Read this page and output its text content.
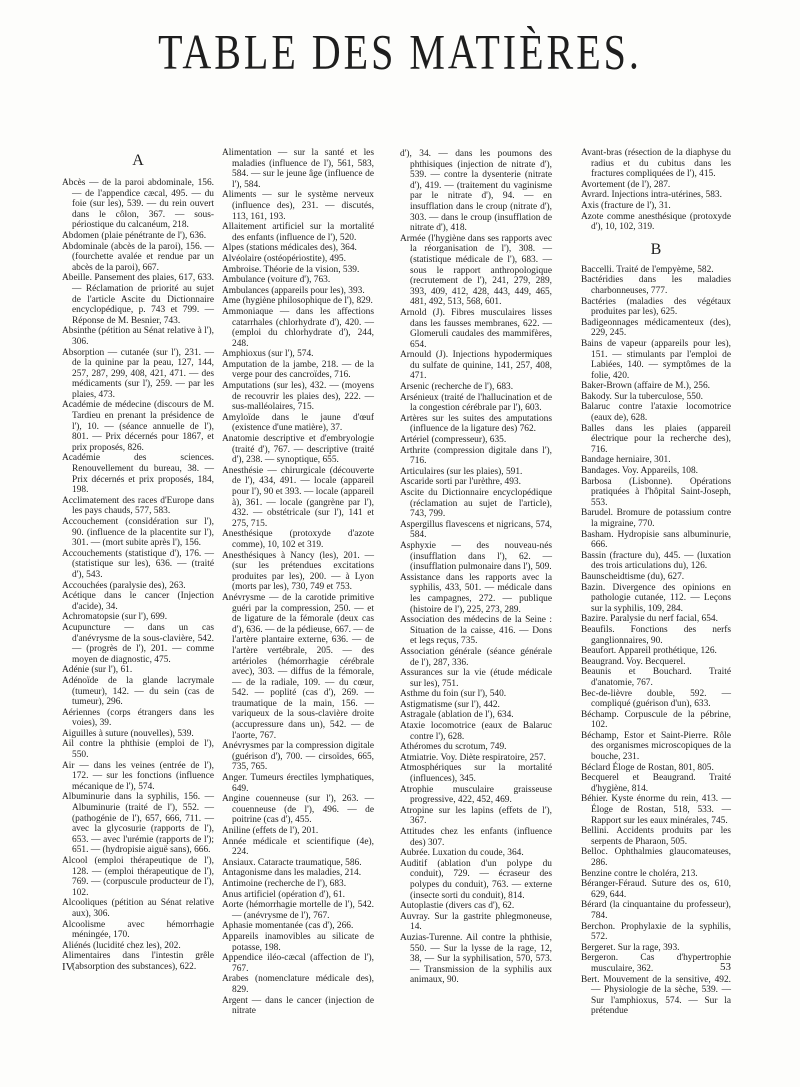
TABLE DES MATIÈRES.
A

Abcès — de la paroi abdominale, 156. — de l'appendice cæcal, 495. — du foie (sur les), 539. — du rein ouvert dans le côlon, 367. — sous-périostique du calcanéum, 218.

Abdomen (plaie pénétrante de l'), 636.

Abdominale (abcès de la paroi), 156. — (fourchette avalée et rendue par un abcès de la paroi), 667.

Abeille. Pansement des plaies, 617, 633. — Réclamation de priorité au sujet de l'article Ascite du Dictionnaire encyclopédique, p. 743 et 799. — Réponse de M. Besnier, 743.

Absinthe (pétition au Sénat relative à l'), 306.

Absorption — cutanée (sur l'), 231. — de la quinine par la peau, 127, 144, 257, 287, 299, 408, 421, 471. — des médicaments (sur l'), 259. — par les plaies, 473.

Académie de médecine (discours de M. Tardieu en prenant la présidence de l'), 10. — (séance annuelle de l'), 801. — Prix décernés pour 1867, et prix proposés, 826.

Académie des sciences. Renouvellement du bureau, 38. — Prix décernés et prix proposés, 184, 198.

Acclimatement des races d'Europe dans les pays chauds, 577, 583.

Accouchement (considération sur l'), 90. (influence de la placentite sur l'), 301. — (mort subite après l'), 156.

Accouchements (statistique d'), 176. — (statistique sur les), 636. — (traité d'), 543.

Accouchées (paralysie des), 263.

Acétique dans le cancer (Injection d'acide), 34.

Achromatopsie (sur l'), 699.

Acupuncture — dans un cas d'anévrysme de la sous-clavière, 542. — (progrès de l'), 201. — comme moyen de diagnostic, 475.

Adénie (sur l'), 61.

Adénoïde de la glande lacrymale (tumeur), 142. — du sein (cas de tumeur), 296.

Aériennes (corps étrangers dans les voies), 39.

Aiguilles à suture (nouvelles), 539.

Ail contre la phthisie (emploi de l'), 550.

Air — dans les veines (entrée de l'), 172. — sur les fonctions (influence mécanique de l'), 574.

Albuminurie dans la syphilis, 156. — Albuminurie (traité de l'), 552. — (pathogénie de l'), 657, 666, 711. — avec la glycosurie (rapports de l'), 653. — avec l'urémie (rapports de l'); 651. — (hydropisie aiguë sans), 666.

Alcool (emploi thérapeutique de l'), 128. — (emploi thérapeutique de l'), 769. — (corpuscule producteur de l'), 102.

Alcooliques (pétition au Sénat relative aux), 306.

Alcoolisme avec hémorrhagie méningée, 170.

Aliénés (lucidité chez les), 202.

Alimentaires dans l'intestin grêle (absorption des substances), 622.

Alimentation — sur la santé et les maladies (influence de l'), 561, 583, 584. — sur le jeune âge (influence de l'), 584.

Aliments — sur le système nerveux (influence des), 231. — discutés, 113, 161, 193.

Allaitement artificiel sur la mortalité des enfants (influence de l'), 520.

Alpes (stations médicales des), 364.

Alvéolaire (ostéopériostite), 495.

Ambroise. Théorie de la vision, 539.

Ambulance (voiture d'), 763.

Ambulances (appareils pour les), 393.

Ame (hygiène philosophique de l'), 829.

Ammoniaque — dans les affections catarrhales (chlorhydrate d'), 420. — (emploi du chlorhydrate d'), 244, 248.

Amphioxus (sur l'), 574.

Amputation de la jambe, 218. — de la verge pour des cancroïdes, 716.

Amputations (sur les), 432. — (moyens de recouvrir les plaies des), 222. — sus-malléolaires, 715.

Amyloïde dans le jaune d'œuf (existence d'une matière), 37.

Anatomie descriptive et d'embryologie (traité d'), 767. — descriptive (traité d'), 238. — synoptique, 655.

Anesthésie — chirurgicale (découverte de l'), 434, 491. — locale (appareil pour l'), 90 et 393. — locale (appareil à), 361. — locale (gangrène par l'), 432. — obstétricale (sur l'), 141 et 275, 715.

Anesthésique (protoxyde d'azote comme), 10, 102 et 319.

Anesthésiques à Nancy (les), 201. — (sur les prétendues excitations produites par les), 200. — à Lyon (morts par les), 730, 749 et 753.

Anévrysme — de la carotide primitive guéri par la compression, 250. — et de ligature de la fémorale (deux cas d'), 636. — de la pédieuse, 667. — de l'artère plantaire externe, 636. — de l'artère vertébrale, 205. — des artérioles (hémorrhagie cérébrale avec), 303. — diffus de la fémorale, — de la radiale, 109. — du cœur, 542. — poplité (cas d'), 269. — traumatique de la main, 156. — variqueux de la sous-clavière droite (accupressure dans un), 542. — de l'aorte, 767.

Anévrysmes par la compression digitale (guérison d'), 700. — cirsoïdes, 665, 735, 765.

Anger. Tumeurs érectiles lymphatiques, 649.

Angine couenneuse (sur l'), 263. — couenneuse (de l'), 496. — de poitrine (cas d'), 455.

Aniline (effets de l'), 201.

Année médicale et scientifique (4e), 224.

Ansiaux. Cataracte traumatique, 586.

Antagonisme dans les maladies, 214.

Antimoine (recherche de l'), 683.

Anus artificiel (opération d'), 61.

Aorte (hémorrhagie mortelle de l'), 542.— (anévrysme de l'), 767.

Aphasie momentanée (cas d'), 266.

Appareils inamovibles au silicate de potasse, 198.

Appendice iléo-cæcal (affection de l'), 767.

Arabes (nomenclature médicale des), 829.

Argent — dans le cancer (injection de nitrate

d'), 34. — dans les poumons des phthisiques (injection de nitrate d'), 539. — contre la dysenterie (nitrate d'), 419. — (traitement du vaginisme par le nitrate d'), 94. — en insufflation dans le croup (nitrate d'), 303. — dans le croup (insufflation de nitrate d'), 418.

Armée (l'hygiène dans ses rapports avec la réorganisation de l'), 308. — (statistique médicale de l'), 683. — sous le rapport anthropologique (recrutement de l'), 241, 279, 289, 393, 409, 412, 428, 443, 449, 465, 481, 492, 513, 568, 601.

Arnold (J). Fibres musculaires lisses dans les fausses membranes, 622. — Glomeruli caudales des mammifères, 654.

Arnould (J). Injections hypodermiques du sulfate de quinine, 141, 257, 408, 471.

Arsenic (recherche de l'), 683.

Arsénieux (traité de l'hallucination et de la congestion cérébrale par l'), 603.

Artères sur les suites des amputations (influence de la ligature des) 762.

Artériel (compresseur), 635.

Arthrite (compression digitale dans l'), 716.

Articulaires (sur les plaies), 591.

Ascaride sorti par l'urèthre, 493.

Ascite du Dictionnaire encyclopédique (réclamation au sujet de l'article), 743, 799.

Aspergillus flavescens et nigricans, 574, 584.

Asphyxie — des nouveau-nés (insufflation dans l'), 62. — (insufflation pulmonaire dans l'), 509.

Assistance dans les rapports avec la syphilis, 433, 501. — médicale dans les campagnes, 272. — publique (histoire de l'), 225, 273, 289.

Association des médecins de la Seine : Situation de la caisse, 416. — Dons et legs reçus, 735.

Association générale (séance générale de l'), 287, 336.

Assurances sur la vie (étude médicale sur les), 751.

Asthme du foin (sur l'), 540.

Astigmatisme (sur l'), 442.

Astragale (ablation de l'), 634.

Ataxie locomotrice (eaux de Balaruc contre l'), 628.

Athéromes du scrotum, 749.

Atmiatrie. Voy. Diète respiratoire, 257.

Atmosphériques sur la mortalité (influences), 345.

Atrophie musculaire graisseuse progressive, 422, 452, 469.

Atropine sur les lapins (effets de l'), 367.

Attitudes chez les enfants (influence des) 307.

Aubrée. Luxation du coude, 364.

Auditif (ablation d'un polype du conduit), 729. — écraseur des polypes du conduit), 763. — externe (insecte sorti du conduit), 814.

Autoplastie (divers cas d'), 62.

Auvray. Sur la gastrite phlegmoneuse, 14.

Auzias-Turenne. Ail contre la phthisie, 550. — Sur la lysse de la rage, 12, 38, — Sur la syphilisation, 570, 573. — Transmission de la syphilis aux animaux, 90.

Avant-bras (résection de la diaphyse du radius et du cubitus dans les fractures compliquées de l'), 415.

Avortement (de l'), 287.

Avrard. Injections intra-utérines, 583.

Axis (fracture de l'), 31.

Azote comme anesthésique (protoxyde d'), 10, 102, 319.

B

Baccelli. Traité de l'empyème, 582.

Bactéridies dans les maladies charbonneuses, 777.

Bactéries (maladies des végétaux produites par les), 625.

Badigeonnages médicamenteux (des), 229, 245.

Bains de vapeur (appareils pour les), 151. — stimulants par l'emploi de Labiées, 140. — symptômes de la folie, 420.

Baker-Brown (affaire de M.), 256.

Bakody. Sur la tuberculose, 550.

Balaruc contre l'ataxie locomotrice (eaux de), 628.

Balles dans les plaies (appareil électrique pour la recherche des), 716.

Bandage herniaire, 301.

Bandages. Voy. Appareils, 108.

Barbosa (Lisbonne). Opérations pratiquées à l'hôpital Saint-Joseph, 553.

Barudel. Bromure de potassium contre la migraine, 770.

Basham. Hydropisie sans albuminurie, 666.

Bassin (fracture du), 445. — (luxation des trois articulations du), 126.

Baunscheidtisme (du), 627.

Bazin. Divergence des opinions en pathologie cutanée, 112. — Leçons sur la syphilis, 109, 284.

Bazire. Paralysie du nerf facial, 654.

Beaufils. Fonctions des nerfs ganglionnaires, 90.

Beaufort. Appareil prothétique, 126.

Beaugrand. Voy. Becquerel.

Beaunis et Bouchard. Traité d'anatomie, 767.

Bec-de-lièvre double, 592. — compliqué (guérison d'un), 633.

Béchamp. Corpuscule de la pébrine, 102.

Béchamp, Estor et Saint-Pierre. Rôle des organismes microscopiques de la bouche, 231.

Béclard Éloge de Rostan, 801, 805.

Becquerel et Beaugrand. Traité d'hygiène, 814.

Béhier. Kyste énorme du rein, 413. — Éloge de Rostan, 518, 533. — Rapport sur les eaux minérales, 745.

Bellini. Accidents produits par les serpents de Pharaon, 505.

Belloc. Ophthalmies glaucomateuses, 286.

Benzine contre le choléra, 213.

Béranger-Féraud. Suture des os, 610, 629, 644.

Bérard (la cinquantaine du professeur), 784.

Berchon. Prophylaxie de la syphilis, 572.

Bergeret. Sur la rage, 393.

Bergeron. Cas d'hypertrophie musculaire, 362.

Bert. Mouvement de la sensitive, 492. — Physiologie de la sèche, 539. — Sur l'amphioxus, 574. — Sur la prétendue

IV	53
